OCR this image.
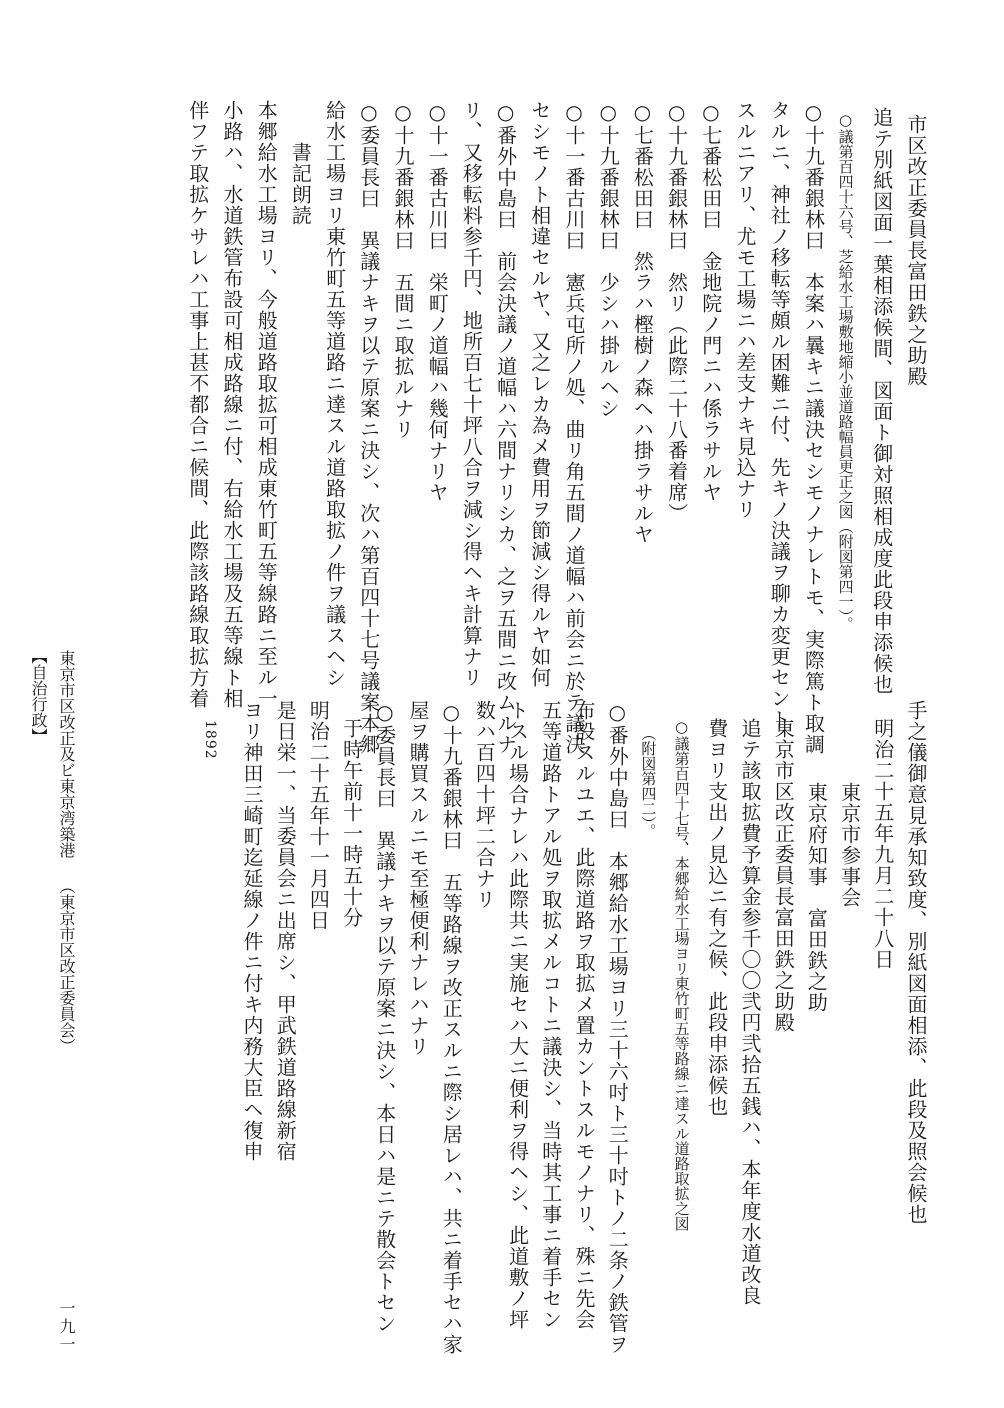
市区改正委員長富田鉄之助殿
追テ別紙図面一葉相添候間、図面ト御対照相成度此段申添候也
○議第百四十六号、芝給水工場敷地縮小並道路幅員更正之図（附図第四一）。
○十九番銀林曰　本案ハ曩キニ議決セシモノナレトモ、実際篤ト取調
タルニ、神社ノ移転等頗ル困難ニ付、先キノ決議ヲ聊カ変更セント
スルニアリ、尤モ工場ニハ差支ナキ見込ナリ
○七番松田曰　金地院ノ門ニハ係ラサルヤ
○十九番銀林曰　然リ（此際二十八番着席）
○七番松田曰　然ラハ樫樹ノ森ヘハ掛ラサルヤ
○十九番銀林曰　少シハ掛ルヘシ
○十一番古川曰　憲兵屯所ノ処、曲リ角五間ノ道幅ハ前会ニ於テ議決
セシモノト相違セルヤ、又之レカ為メ費用ヲ節減シ得ルヤ如何
○番外中島曰　前会決議ノ道幅ハ六間ナリシカ、之ヲ五間ニ改ムルナ
リ、又移転料参千円、地所百七十坪八合ヲ減シ得ヘキ計算ナリ
○十一番古川曰　栄町ノ道幅ハ幾何ナリヤ
○十九番銀林曰　五間ニ取拡ルナリ
○委員長曰　異議ナキヲ以テ原案ニ決シ、次ハ第百四十七号議案本郷
給水工場ヨリ東竹町五等道路ニ達スル道路取拡ノ件ヲ議スヘシ
書記朗読
本郷給水工場ヨリ、今般道路取拡可相成東竹町五等線路ニ至ル一
小路ハ、水道鉄管布設可相成路線ニ付、右給水工場及五等線ト相
伴フテ取拡ケサレハ工事上甚不都合ニ候間、此際該路線取拡方着
手之儀御意見承知致度、別紙図面相添、此段及照会候也
明治二十五年九月二十八日
東京市参事会
東京府知事　富田鉄之助
東京市区改正委員長富田鉄之助殿
追テ該取拡費予算金参千〇〇弐円弐拾五銭ハ、本年度水道改良
費ヨリ支出ノ見込ニ有之候、此段申添候也
○議第百四十七号、本郷給水工場ヨリ東竹町五等路線ニ達スル道路取拡之図
（附図第四二）。
○番外中島曰　本郷給水工場ヨリ三十六吋ト三十吋トノ二条ノ鉄管ヲ
布設スルユエ、此際道路ヲ取拡メ置カントスルモノナリ、殊ニ先会
五等道路トアル処ヲ取拡メルコトニ議決シ、当時其工事ニ着手セン
トスル場合ナレハ此際共ニ実施セハ大ニ便利ヲ得ヘシ、此道敷ノ坪
数ハ百四十坪二合ナリ
○十九番銀林曰　五等路線ヲ改正スルニ際シ居レハ、共ニ着手セハ家
屋ヲ購買スルニモ至極便利ナレハナリ
○委員長曰　異議ナキヲ以テ原案ニ決シ、本日ハ是ニテ散会トセン
于時午前十一時五十分
明治二十五年十一月四日
是日栄一、当委員会ニ出席シ、甲武鉄道路線新宿
ヨリ神田三崎町迄延線ノ件ニ付キ内務大臣ヘ復申
1892
【自治行政】 東京市区改正及ビ東京湾築港（東京市区改正委員会）
一九一
